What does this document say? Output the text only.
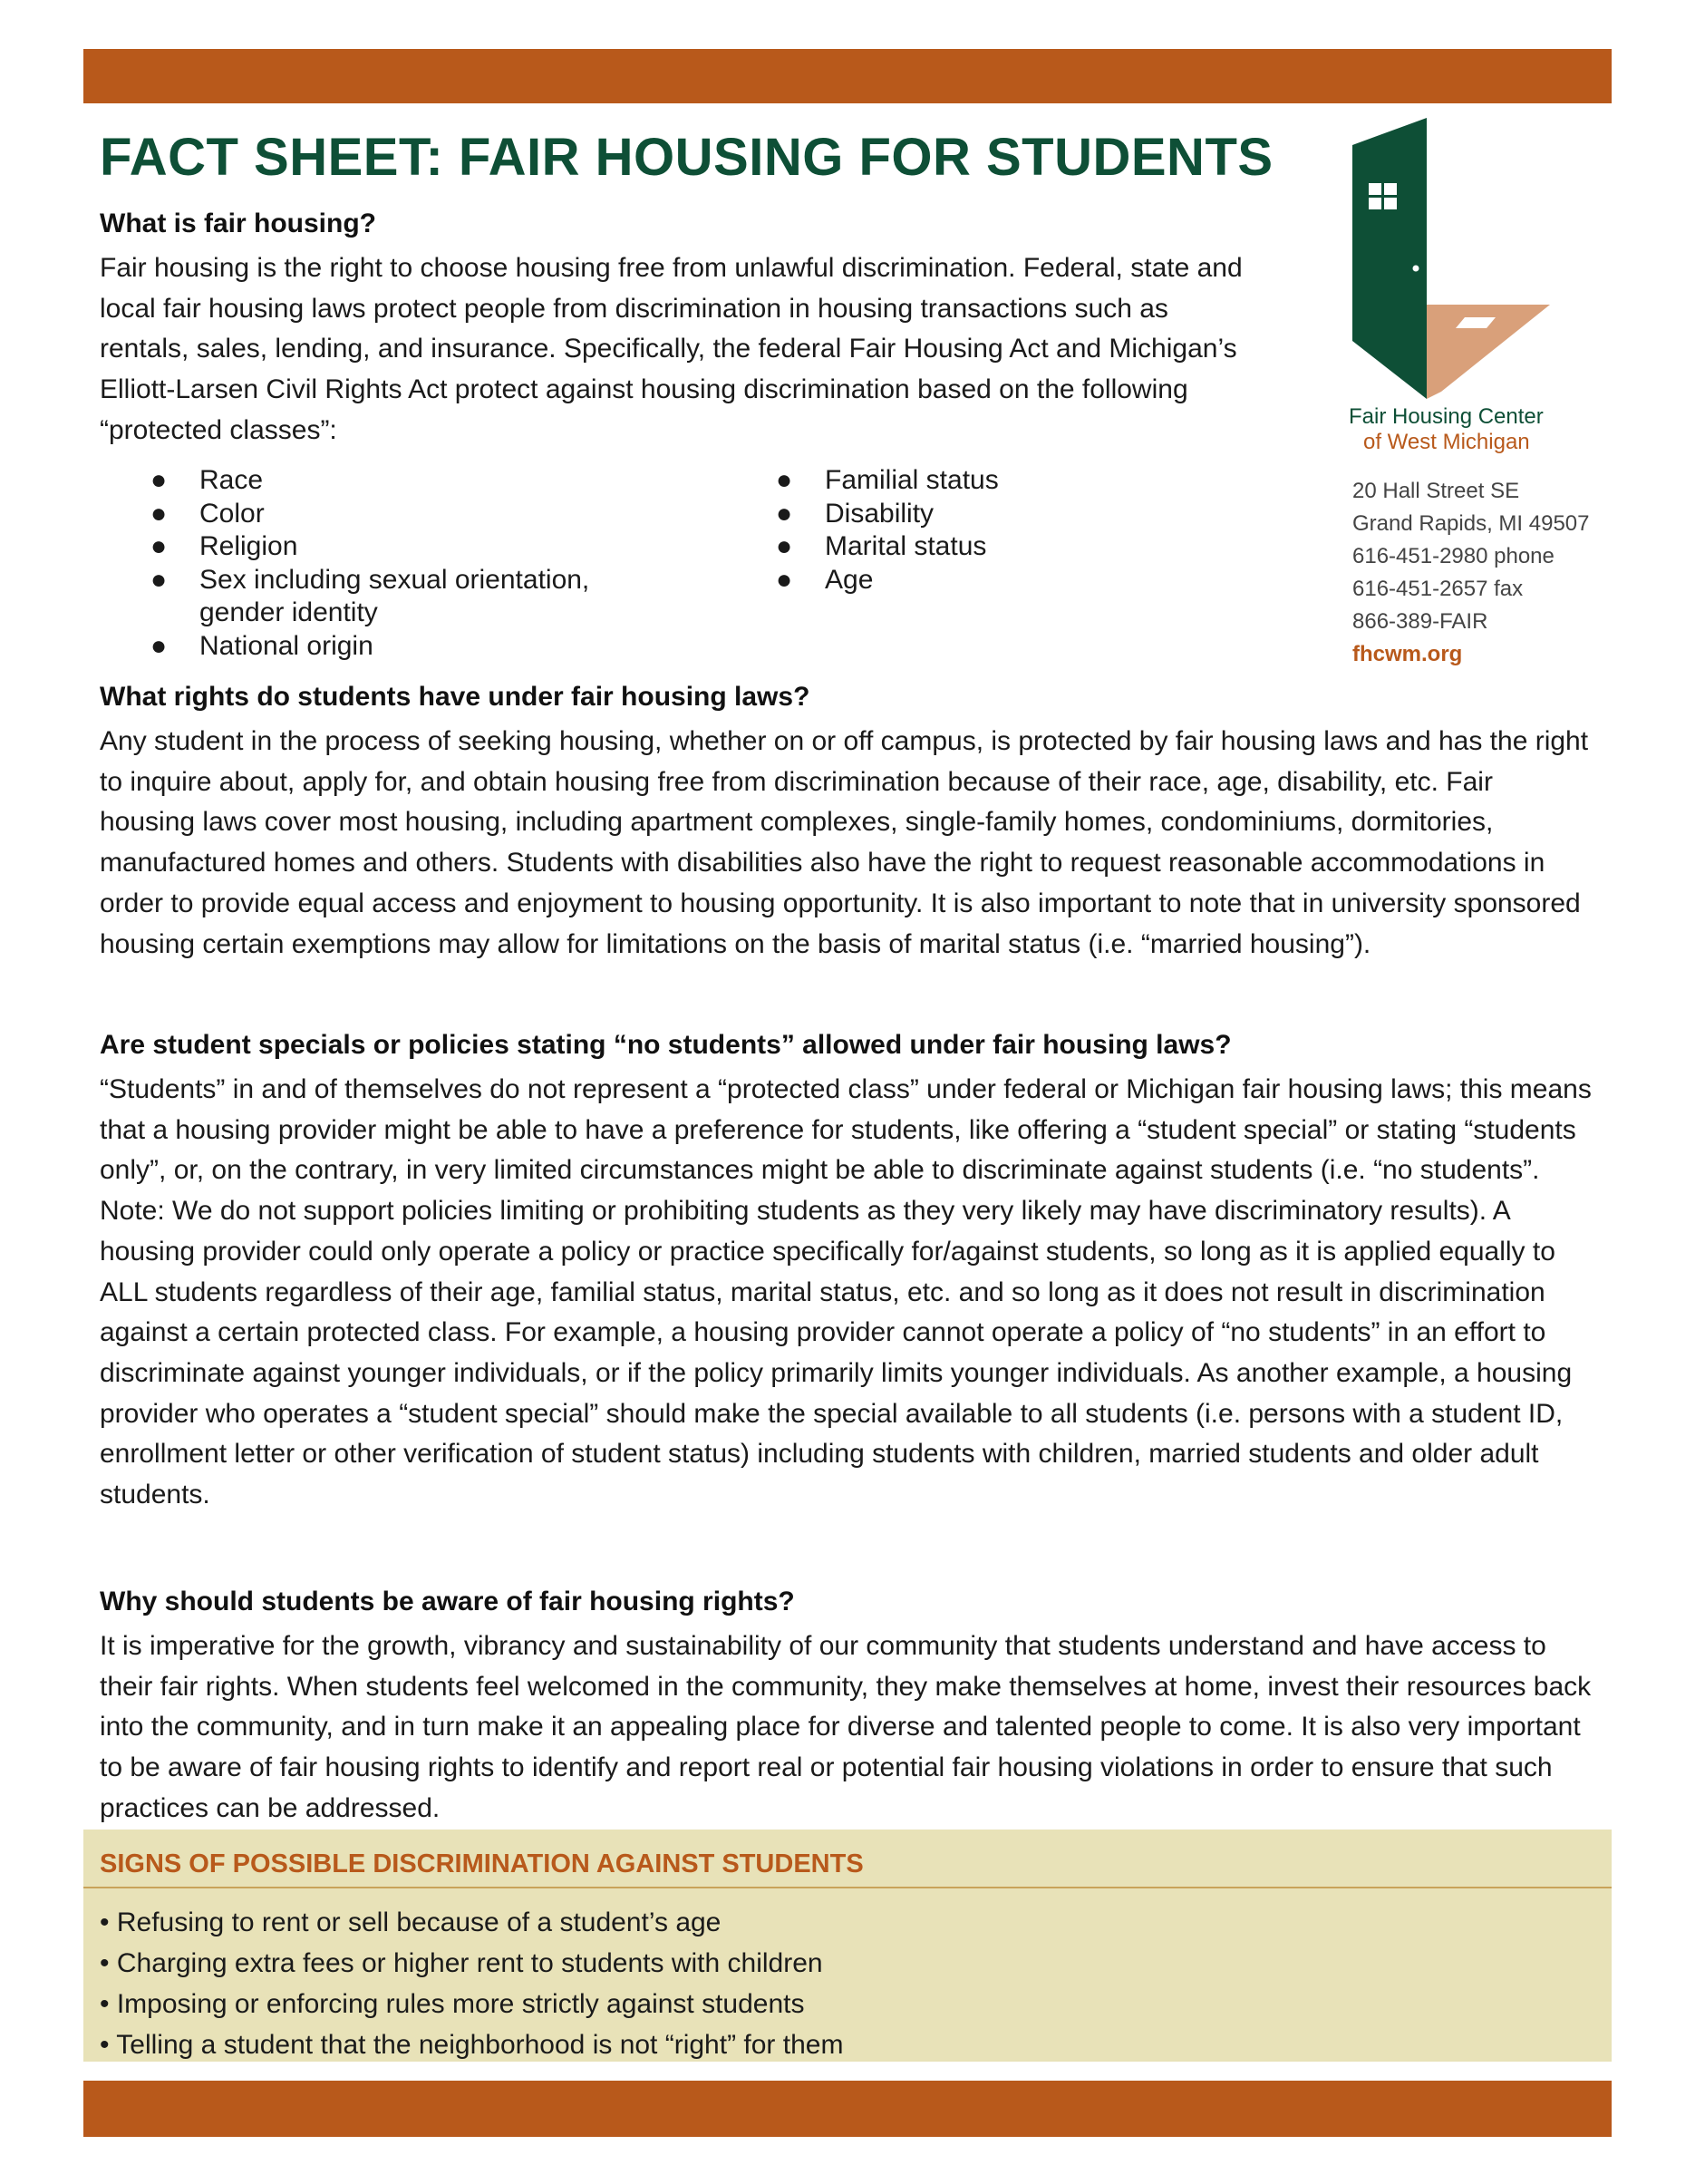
FACT SHEET: FAIR HOUSING FOR STUDENTS

Fair Housing Center
of West Michigan

20 Hall Street SE
Grand Rapids, MI 49507
616-451-2980 phone
616-451-2657 fax
866-389-FAIR
fhcwm.org
What is fair housing?

Fair housing is the right to choose housing free from unlawful discrimination. Federal, state and local fair housing laws protect people from discrimination in housing transactions such as rentals, sales, lending, and insurance. Specifically, the federal Fair Housing Act and Michigan’s Elliott-Larsen Civil Rights Act protect against housing discrimination based on the following “protected classes”:

● Race
● Color
● Religion
● Sex including sexual orientation, gender identity
● National origin
● Familial status
● Disability
● Marital status
● Age
What rights do students have under fair housing laws?

Any student in the process of seeking housing, whether on or off campus, is protected by fair housing laws and has the right to inquire about, apply for, and obtain housing free from discrimination because of their race, age, disability, etc. Fair housing laws cover most housing, including apartment complexes, single-family homes, condominiums, dormitories, manufactured homes and others. Students with disabilities also have the right to request reasonable accommodations in order to provide equal access and enjoyment to housing opportunity. It is also important to note that in university sponsored housing certain exemptions may allow for limitations on the basis of marital status (i.e. “married housing”).

Are student specials or policies stating “no students” allowed under fair housing laws?

“Students” in and of themselves do not represent a “protected class” under federal or Michigan fair housing laws; this means that a housing provider might be able to have a preference for students, like offering a “student special” or stating “students only”, or, on the contrary, in very limited circumstances might be able to discriminate against students (i.e. “no students”. Note: We do not support policies limiting or prohibiting students as they very likely may have discriminatory results). A housing provider could only operate a policy or practice specifically for/against students, so long as it is applied equally to ALL students regardless of their age, familial status, marital status, etc. and so long as it does not result in discrimination against a certain protected class. For example, a housing provider cannot operate a policy of “no students” in an effort to discriminate against younger individuals, or if the policy primarily limits younger individuals. As another example, a housing provider who operates a “student special” should make the special available to all students (i.e. persons with a student ID, enrollment letter or other verification of student status) including students with children, married students and older adult students.

Why should students be aware of fair housing rights?

It is imperative for the growth, vibrancy and sustainability of our community that students understand and have access to their fair rights. When students feel welcomed in the community, they make themselves at home, invest their resources back into the community, and in turn make it an appealing place for diverse and talented people to come. It is also very important to be aware of fair housing rights to identify and report real or potential fair housing violations in order to ensure that such practices can be addressed.

SIGNS OF POSSIBLE DISCRIMINATION AGAINST STUDENTS
• Refusing to rent or sell because of a student’s age
• Charging extra fees or higher rent to students with children
• Imposing or enforcing rules more strictly against students
• Telling a student that the neighborhood is not “right” for them
